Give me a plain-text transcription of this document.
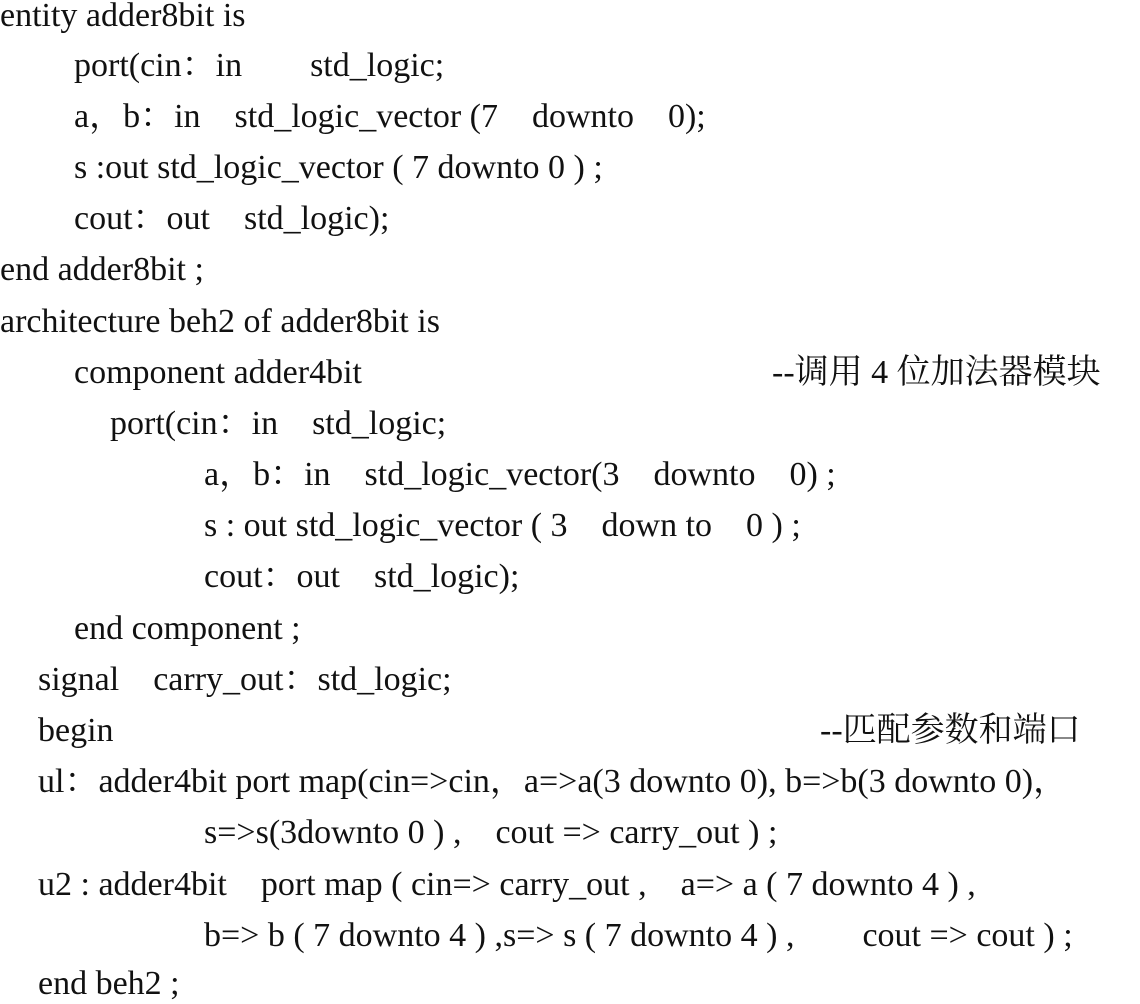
entity adder8bit is
port(cin：in        std_logic;
a，b：in    std_logic_vector (7    downto    0);
s :out std_logic_vector ( 7 downto 0 ) ;
cout：out    std_logic);
end adder8bit ;
architecture beh2 of adder8bit is
component adder4bit	--调用 4 位加法器模块
port(cin：in    std_logic;
a，b：in    std_logic_vector(3    downto    0) ;
s : out std_logic_vector ( 3    down to    0 ) ;
cout：out    std_logic);
end component ;
signal    carry_out：std_logic;
begin	--匹配参数和端口
ul：adder4bit port map(cin=>cin，a=>a(3 downto 0), b=>b(3 downto 0)，
s=>s(3downto 0 ) ,    cout => carry_out ) ;
u2 : adder4bit    port map ( cin=> carry_out ,    a=> a ( 7 downto 4 ) ,
b=> b ( 7 downto 4 ) ,s=> s ( 7 downto 4 ) ,        cout => cout ) ;
end beh2 ;
